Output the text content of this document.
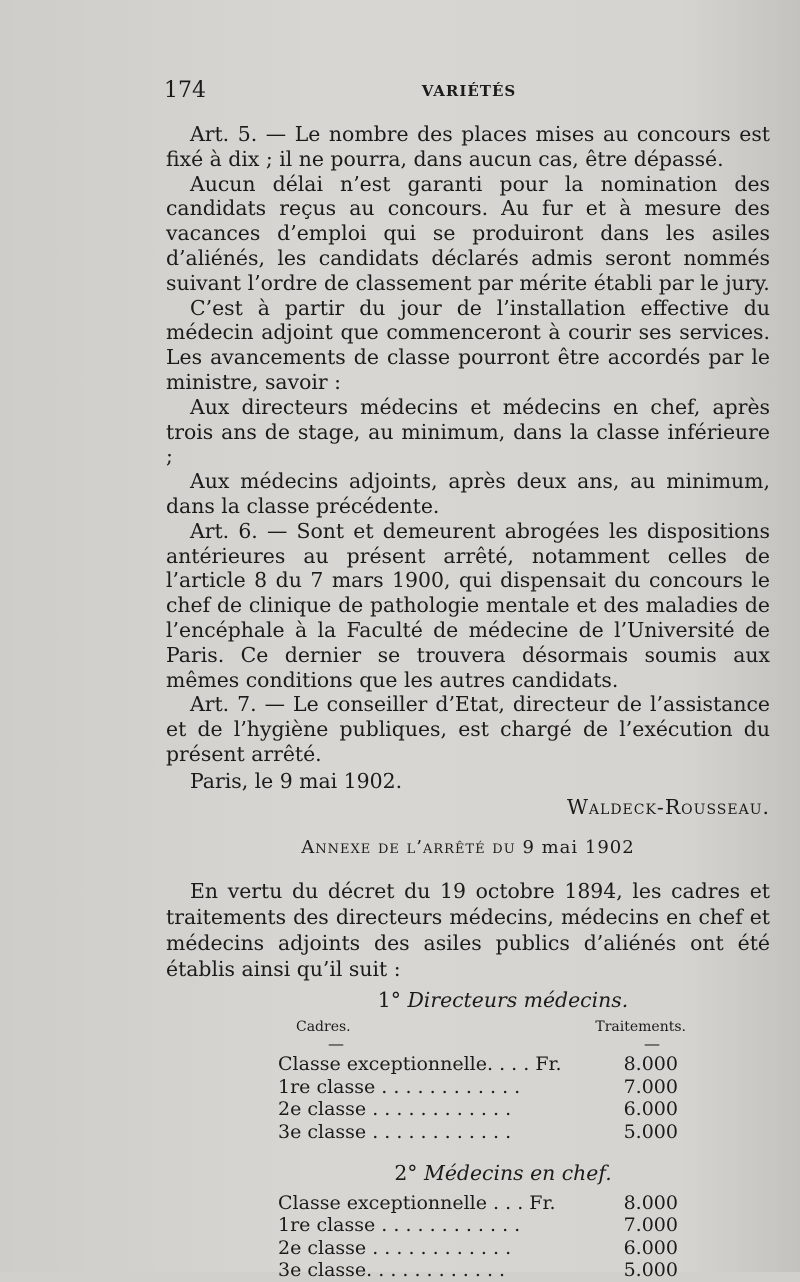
174	VARIÉTÉS

Art. 5. — Le nombre des places mises au concours est fixé à dix ; il ne pourra, dans aucun cas, être dépassé.

Aucun délai n’est garanti pour la nomination des candidats reçus au concours. Au fur et à mesure des vacances d’emploi qui se produiront dans les asiles d’aliénés, les candidats déclarés admis seront nommés suivant l’ordre de classement par mérite établi par le jury.

C’est à partir du jour de l’installation effective du médecin adjoint que commenceront à courir ses services. Les avancements de classe pourront être accordés par le ministre, savoir :

Aux directeurs médecins et médecins en chef, après trois ans de stage, au minimum, dans la classe inférieure ;

Aux médecins adjoints, après deux ans, au minimum, dans la classe précédente.

Art. 6. — Sont et demeurent abrogées les dispositions antérieures au présent arrêté, notamment celles de l’article 8 du 7 mars 1900, qui dispensait du concours le chef de clinique de pathologie mentale et des maladies de l’encéphale à la Faculté de médecine de l’Université de Paris. Ce dernier se trouvera désormais soumis aux mêmes conditions que les autres candidats.

Art. 7. — Le conseiller d’Etat, directeur de l’assistance et de l’hygiène publiques, est chargé de l’exécution du présent arrêté.

Paris, le 9 mai 1902.
Waldeck-Rousseau.
Annexe de l’arrêté du 9 mai 1902

En vertu du décret du 19 octobre 1894, les cadres et traitements des directeurs médecins, médecins en chef et médecins adjoints des asiles publics d’aliénés ont été établis ainsi qu’il suit :

1° Directeurs médecins.
Cadres.	Traitements.
—	—
Classe exceptionnelle. . . . Fr.	8.000
1re classe . . . . . . . . . . . .	7.000
2e classe . . . . . . . . . . . .	6.000
3e classe . . . . . . . . . . . .	5.000
2° Médecins en chef.
Classe exceptionnelle . . . Fr.	8.000
1re classe . . . . . . . . . . . .	7.000
2e classe . . . . . . . . . . . .	6.000
3e classe. . . . . . . . . . . .	5.000
